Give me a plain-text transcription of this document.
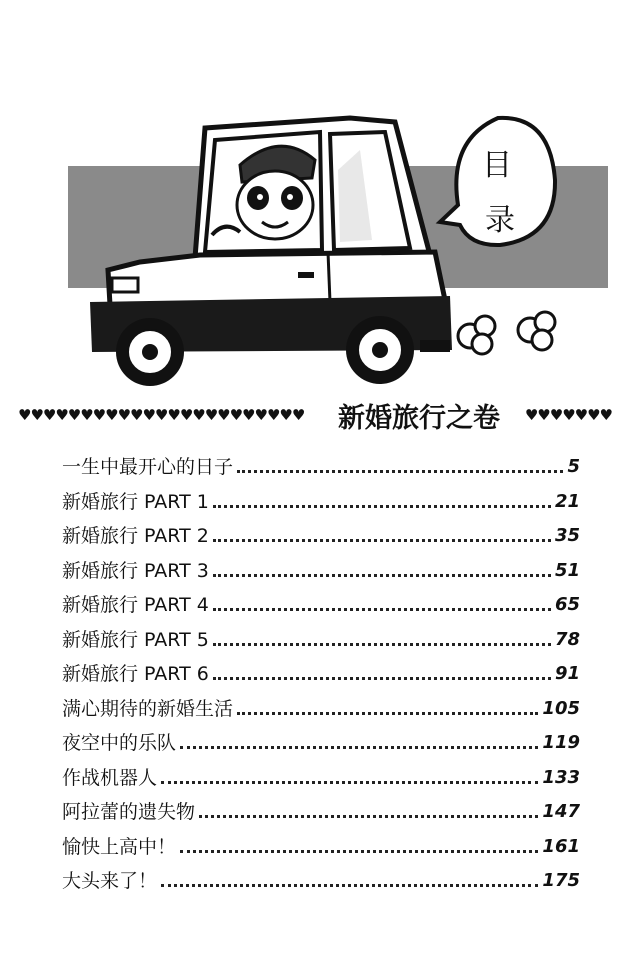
目
录
♥♥♥♥♥♥♥♥♥♥♥♥♥♥♥♥♥♥♥♥♥♥♥	新婚旅行之卷	♥♥♥♥♥♥♥
一生中最开心的日子	5
新婚旅行 PART 1	21
新婚旅行 PART 2	35
新婚旅行 PART 3	51
新婚旅行 PART 4	65
新婚旅行 PART 5	78
新婚旅行 PART 6	91
满心期待的新婚生活	105
夜空中的乐队	119
作战机器人	133
阿拉蕾的遗失物	147
愉快上高中！	161
大头来了！	175
